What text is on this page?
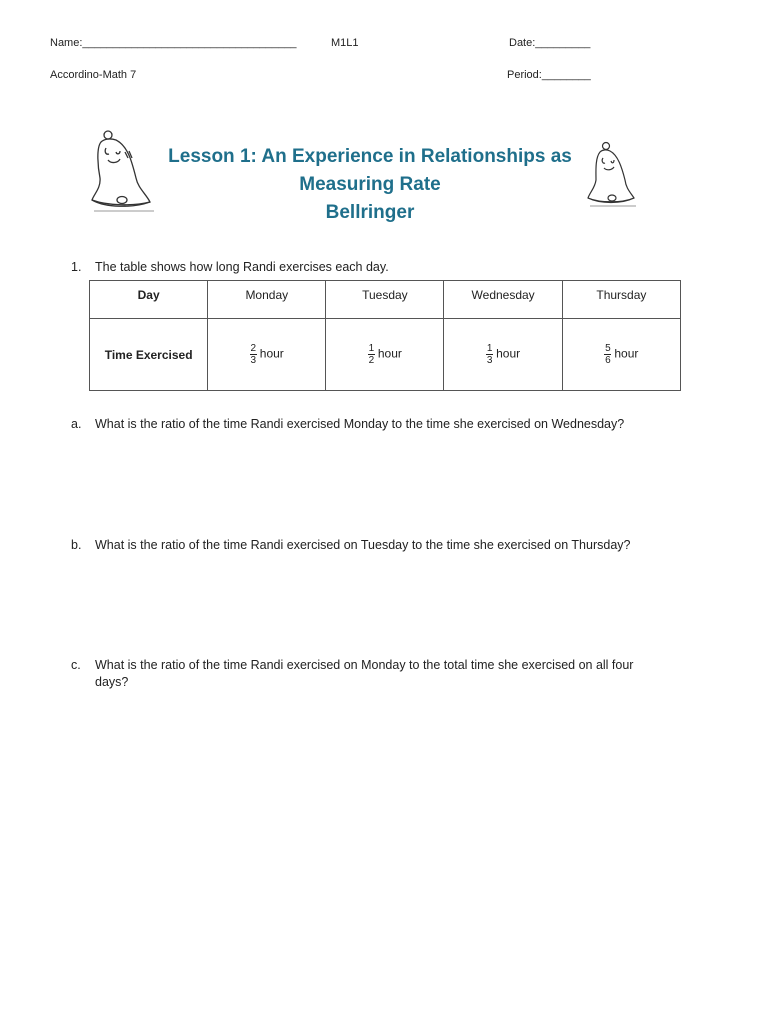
Name:___________________________________	M1L1	Date:_________
Accordino-Math 7	Period:________
Lesson 1: An Experience in Relationships as
Measuring Rate
Bellringer
1. The table shows how long Randi exercises each day.
Day	Monday	Tuesday	Wednesday	Thursday
Time Exercised	$\frac{2}{3}$ hour	$\frac{1}{2}$ hour	$\frac{1}{3}$ hour	$\frac{5}{6}$ hour
a. What is the ratio of the time Randi exercised Monday to the time she exercised on Wednesday?
b. What is the ratio of the time Randi exercised on Tuesday to the time she exercised on Thursday?
c. What is the ratio of the time Randi exercised on Monday to the total time she exercised on all four days?
